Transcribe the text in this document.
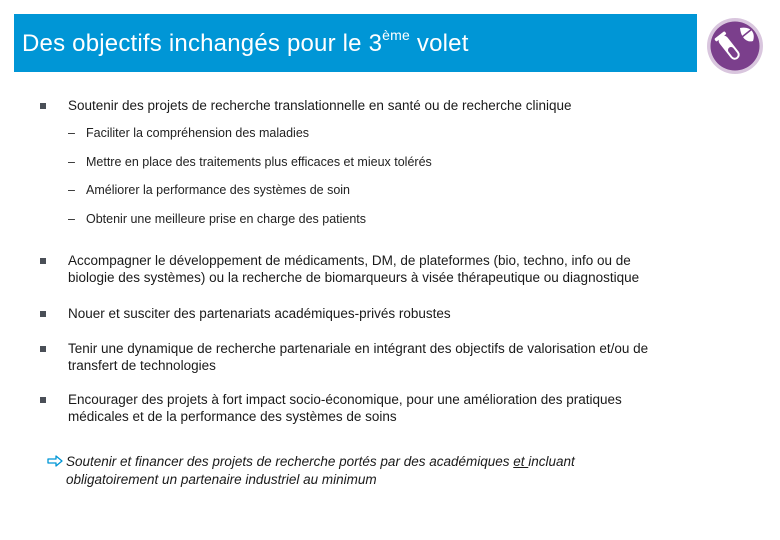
Des objectifs inchangés pour le 3ème volet
Soutenir des projets de recherche translationnelle en santé ou de recherche clinique
– Faciliter la compréhension des maladies
– Mettre en place des traitements plus efficaces et mieux tolérés
– Améliorer la performance des systèmes de soin
– Obtenir une meilleure prise en charge des patients
Accompagner le développement de médicaments, DM, de plateformes (bio, techno, info ou de
biologie des systèmes) ou la recherche de biomarqueurs à visée thérapeutique ou diagnostique
Nouer et susciter des partenariats académiques-privés robustes
Tenir une dynamique de recherche partenariale en intégrant des objectifs de valorisation et/ou de
transfert de technologies
Encourager des projets à fort impact socio-économique, pour une amélioration des pratiques
médicales et de la performance des systèmes de soins
Soutenir et financer des projets de recherche portés par des académiques et incluant
obligatoirement un partenaire industriel au minimum
